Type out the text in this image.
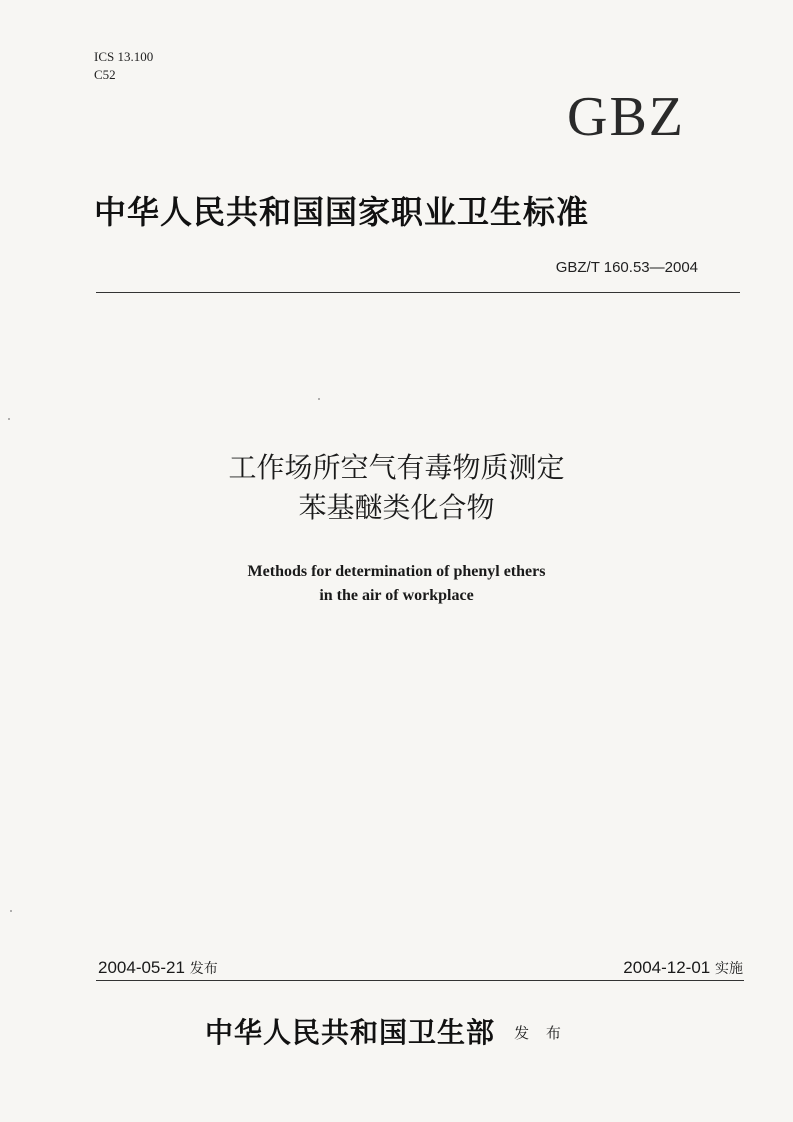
ICS 13.100
C52
GBZ
中华人民共和国国家职业卫生标准
GBZ/T 160.53—2004
工作场所空气有毒物质测定
苯基醚类化合物
Methods for determination of phenyl ethers
in the air of workplace
2004-05-21 发布	2004-12-01 实施
中华人民共和国卫生部 发 布
